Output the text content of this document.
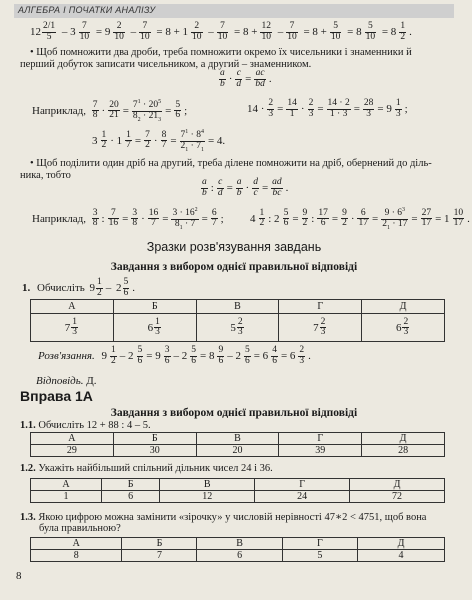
АЛГЕБРА І ПОЧАТКИ АНАЛІЗУ
$12 \frac{2/1}{5} - 3 \frac{7}{10} = 9 \frac{2}{10} - \frac{7}{10} = 8 + 1 \frac{2}{10} - \frac{7}{10} = 8 + \frac{12}{10} - \frac{7}{10} = 8 + \frac{5}{10} = 8 \frac{5}{10} = 8 \frac{1}{2}$ .
• Щоб помножити два дроби, треба помножити окремо їх чисельники і знаменники й
перший добуток записати чисельником, а другий – знаменником.
$\frac{a}{b} \cdot \frac{c}{d} = \frac{ac}{bd}$ .
Наприклад, $\frac{7}{8} \cdot \frac{20}{21} = \frac{7^1 \cdot 20^5}{8_2 \cdot 21_3} = \frac{5}{6}$ ;	$14 \cdot \frac{2}{3} = \frac{14}{1} \cdot \frac{2}{3} = \frac{14 \cdot 2}{1 \cdot 3} = \frac{28}{3} = 9 \frac{1}{3}$ ;
$3 \frac{1}{2} \cdot 1 \frac{1}{7} = \frac{7}{2} \cdot \frac{8}{7} = \frac{7^1 \cdot 8^4}{2_1 \cdot 7_1} = 4$.
• Щоб поділити один дріб на другий, треба ділене помножити на дріб, обернений до діль-
ника, тобто
$\frac{a}{b}$ : $\frac{c}{d} = \frac{a}{b} \cdot \frac{d}{c} = \frac{ad}{bc}$ .
Наприклад, $\frac{3}{8}$ : $\frac{7}{16} = \frac{3}{8} \cdot \frac{16}{7} = \frac{3 \cdot 16^2}{8_1 \cdot 7} = \frac{6}{7}$ ; $4 \frac{1}{2}$ : $2 \frac{5}{6} = \frac{9}{2}$ : $\frac{17}{6} = \frac{9}{2} \cdot \frac{6}{17} = \frac{9 \cdot 6^3}{2_1 \cdot 17} = \frac{27}{17} = 1 \frac{10}{17}$ .
Зразки розв'язування завдань
Завдання з вибором однієї правильної відповіді
1. Обчисліть $9 \frac{1}{2} - 2 \frac{5}{6}$ .
А	Б	В	Г	Д
$7 \frac{1}{3}$	$6 \frac{1}{3}$	$5 \frac{2}{3}$	$7 \frac{2}{3}$	$6 \frac{2}{3}$
Розв'язання. $9 \frac{1}{2} - 2 \frac{5}{6} = 9 \frac{3}{6} - 2 \frac{5}{6} = 8 \frac{9}{6} - 2 \frac{5}{6} = 6 \frac{4}{6} = 6 \frac{2}{3}$ .
Відповідь. Д.
Вправа 1А
Завдання з вибором однієї правильної відповіді
1.1. Обчисліть 12 + 88 : 4 – 5.
А	Б	В	Г	Д
29	30	20	39	28
1.2. Укажіть найбільший спільний дільник чисел 24 і 36.
А	Б	В	Г	Д
1	6	12	24	72
1.3. Якою цифрою можна замінити «зірочку» у числовій нерівності 47∗2 < 4751, щоб вона
була правильною?
А	Б	В	Г	Д
8	7	6	5	4
8
